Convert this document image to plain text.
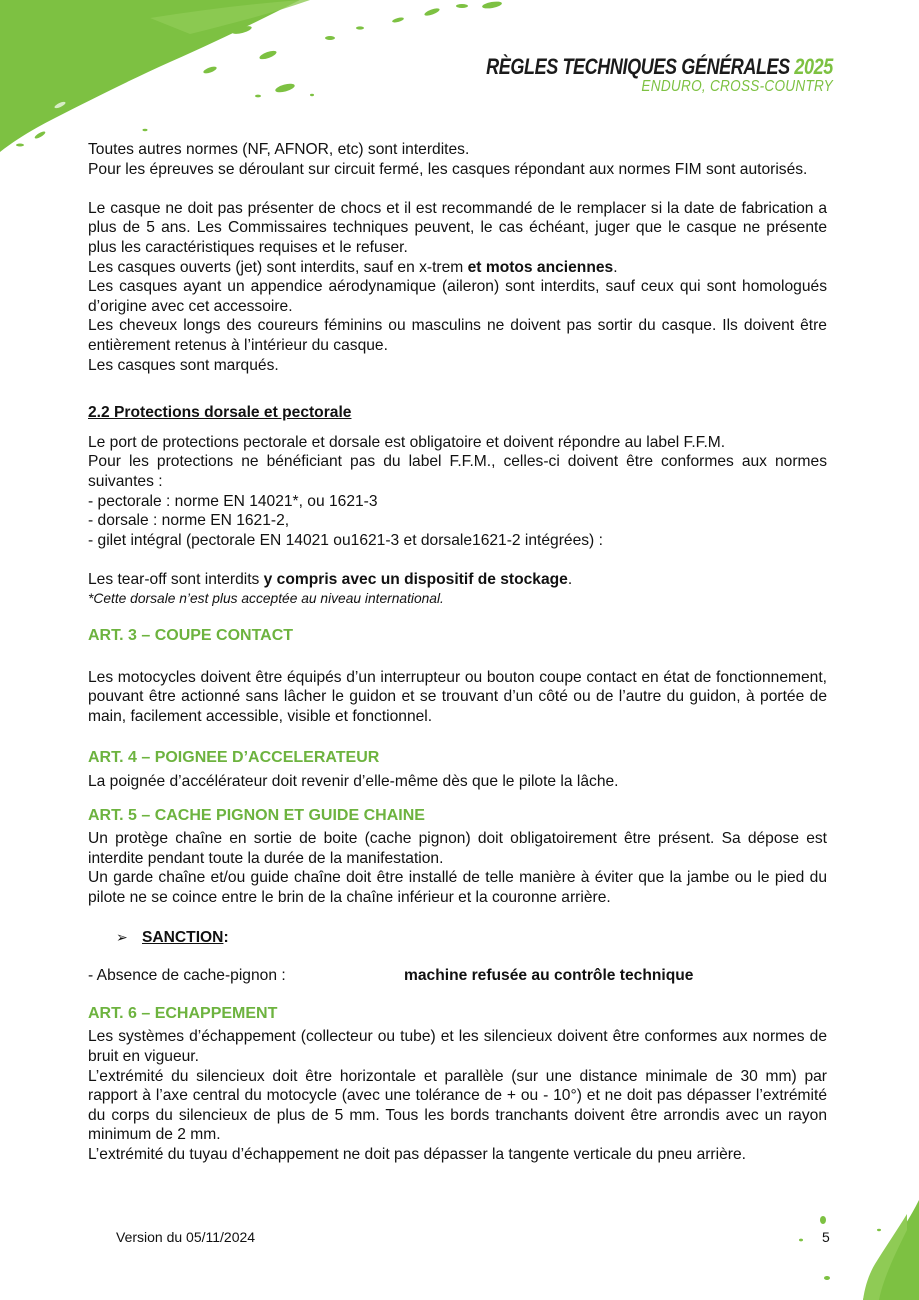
RÈGLES TECHNIQUES GÉNÉRALES 2025
ENDURO, CROSS-COUNTRY

Toutes autres normes (NF, AFNOR, etc) sont interdites.

Pour les épreuves se déroulant sur circuit fermé, les casques répondant aux normes FIM sont autorisés.

Le casque ne doit pas présenter de chocs et il est recommandé de le remplacer si la date de fabrication a plus de 5 ans. Les Commissaires techniques peuvent, le cas échéant, juger que le casque ne présente plus les caractéristiques requises et le refuser.

Les casques ouverts (jet) sont interdits, sauf en x-trem et motos anciennes.

Les casques ayant un appendice aérodynamique (aileron) sont interdits, sauf ceux qui sont homologués d’origine avec cet accessoire.

Les cheveux longs des coureurs féminins ou masculins ne doivent pas sortir du casque. Ils doivent être entièrement retenus à l’intérieur du casque.

Les casques sont marqués.

2.2 Protections dorsale et pectorale

Le port de protections pectorale et dorsale est obligatoire et doivent répondre au label F.F.M.

Pour les protections ne bénéficiant pas du label F.F.M., celles-ci doivent être conformes aux normes suivantes :

- pectorale : norme EN 14021*, ou 1621-3

- dorsale : norme EN 1621-2,

- gilet intégral (pectorale EN 14021 ou1621-3 et dorsale1621-2 intégrées) :

Les tear-off sont interdits y compris avec un dispositif de stockage.

*Cette dorsale n’est plus acceptée au niveau international.

ART. 3 – COUPE CONTACT

Les motocycles doivent être équipés d’un interrupteur ou bouton coupe contact en état de fonctionnement, pouvant être actionné sans lâcher le guidon et se trouvant d’un côté ou de l’autre du guidon, à portée de main, facilement accessible, visible et fonctionnel.

ART. 4 – POIGNEE D’ACCELERATEUR

La poignée d’accélérateur doit revenir d’elle-même dès que le pilote la lâche.

ART. 5 – CACHE PIGNON ET GUIDE CHAINE

Un protège chaîne en sortie de boite (cache pignon) doit obligatoirement être présent. Sa dépose est interdite pendant toute la durée de la manifestation.

Un garde chaîne et/ou guide chaîne doit être installé de telle manière à éviter que la jambe ou le pied du pilote ne se coince entre le brin de la chaîne inférieur et la couronne arrière.

➢ SANCTION :
- Absence de cache-pignon :	machine refusée au contrôle technique

ART. 6 – ECHAPPEMENT

Les systèmes d’échappement (collecteur ou tube) et les silencieux doivent être conformes aux normes de bruit en vigueur.

L’extrémité du silencieux doit être horizontale et parallèle (sur une distance minimale de 30 mm) par rapport à l’axe central du motocycle (avec une tolérance de + ou - 10°) et ne doit pas dépasser l’extrémité du corps du silencieux de plus de 5 mm. Tous les bords tranchants doivent être arrondis avec un rayon minimum de 2 mm.

L’extrémité du tuyau d’échappement ne doit pas dépasser la tangente verticale du pneu arrière.

Version du 05/11/2024	5
